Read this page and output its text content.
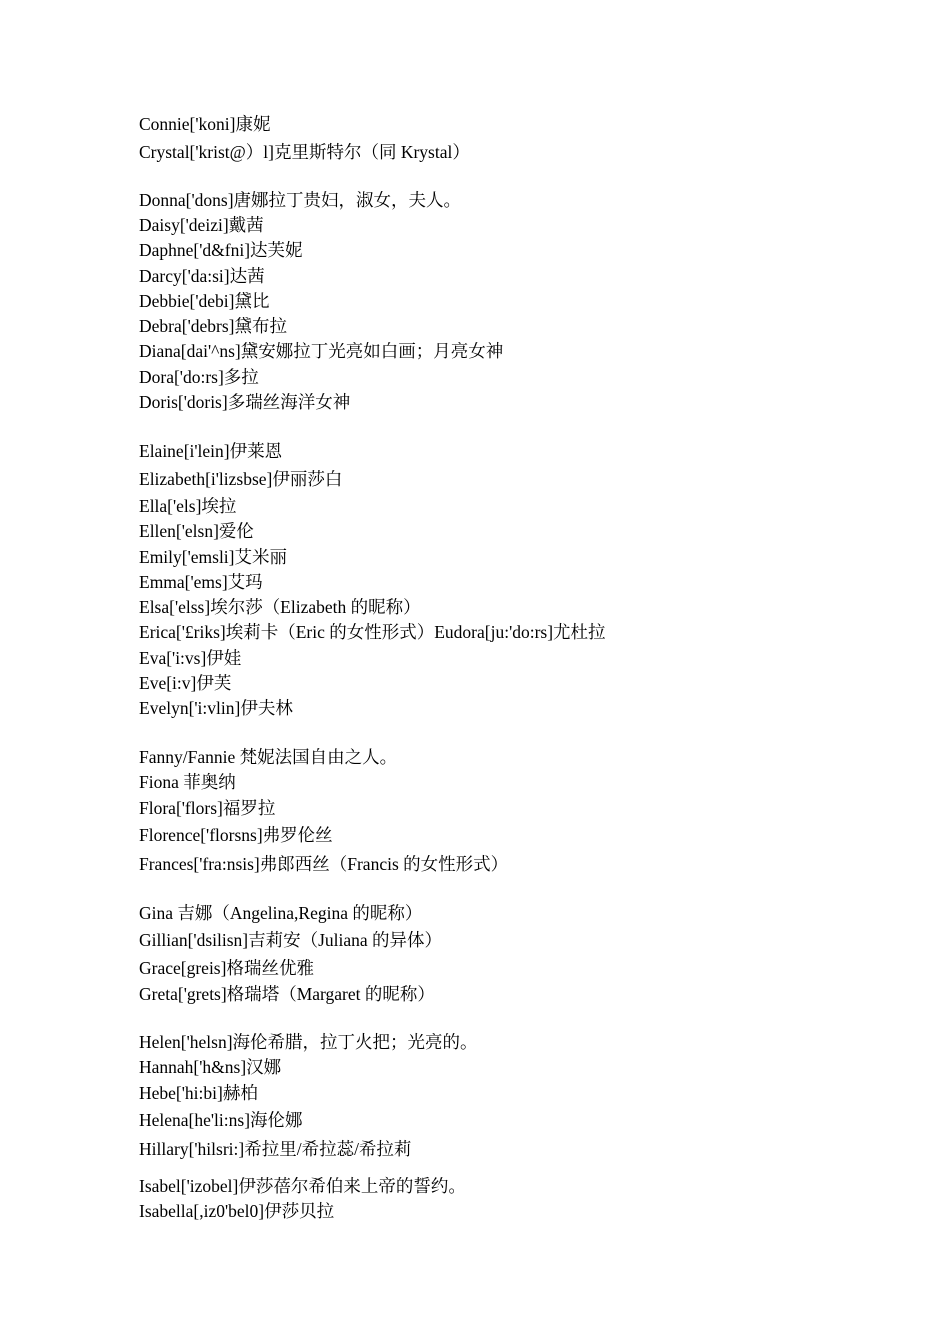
Connie['koni]康妮
Crystal['krist@）l]克里斯特尔（同 Krystal）
Donna['dons]唐娜拉丁贵妇，淑女，夫人。
Daisy['deizi]戴茜
Daphne['d&fni]达芙妮
Darcy['da:si]达茜
Debbie['debi]黛比
Debra['debrs]黛布拉
Diana[dai'^ns]黛安娜拉丁光亮如白画；月亮女神
Dora['do:rs]多拉
Doris['doris]多瑞丝海洋女神
Elaine[i'lein]伊莱恩
Elizabeth[i'lizsbse]伊丽莎白
Ella['els]埃拉
Ellen['elsn]爱伦
Emily['emsli]艾米丽
Emma['ems]艾玛
Elsa['elss]埃尔莎（Elizabeth 的昵称）
Erica['£riks]埃莉卡（Eric 的女性形式）Eudora[ju:'do:rs]尤杜拉
Eva['i:vs]伊娃
Eve[i:v]伊芙
Evelyn['i:vlin]伊夫林
Fanny/Fannie 梵妮法国自由之人。
Fiona 菲奥纳
Flora['flors]福罗拉
Florence['florsns]弗罗伦丝
Frances['fra:nsis]弗郎西丝（Francis 的女性形式）
Gina 吉娜（Angelina,Regina 的昵称）
Gillian['dsilisn]吉莉安（Juliana 的异体）
Grace[greis]格瑞丝优雅
Greta['grets]格瑞塔（Margaret 的昵称）
Helen['helsn]海伦希腊，拉丁火把；光亮的。
Hannah['h&ns]汉娜
Hebe['hi:bi]赫柏
Helena[he'li:ns]海伦娜
Hillary['hilsri:]希拉里/希拉蕊/希拉莉
Isabel['izobel]伊莎蓓尔希伯来上帝的誓约。
Isabella[,iz0'bel0]伊莎贝拉
